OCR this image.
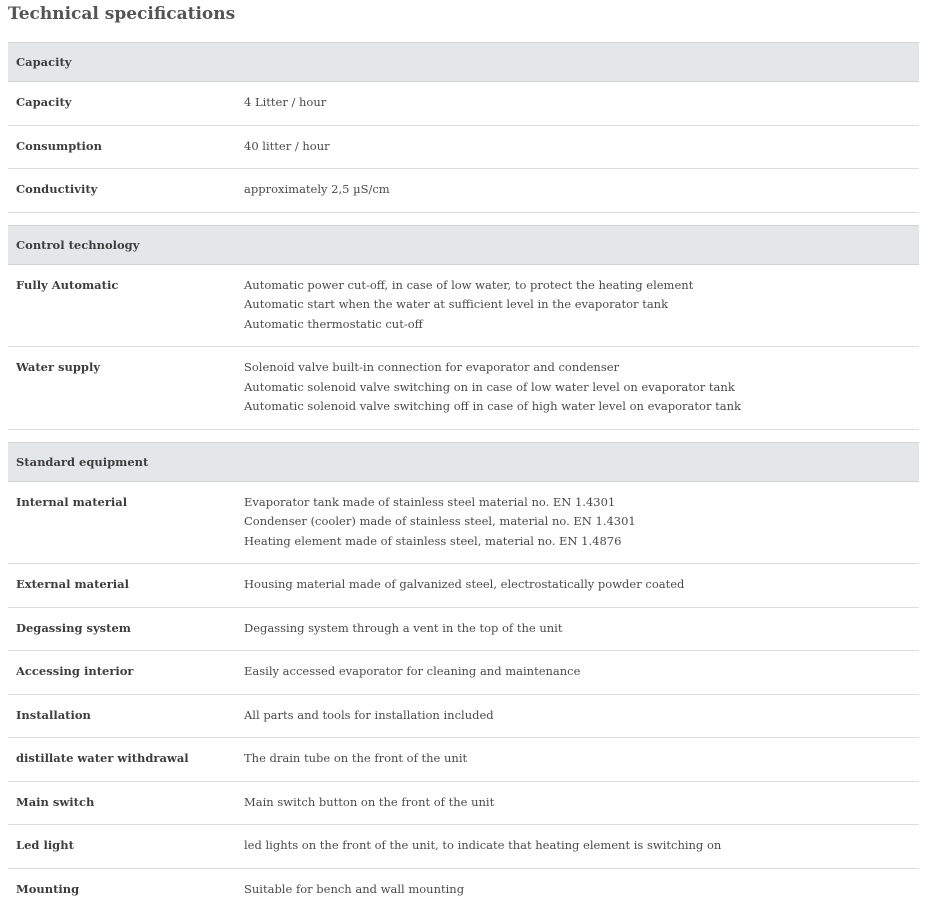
Technical specifications
Capacity	
Capacity	4 Litter / hour

Consumption	40 litter / hour

Conductivity	approximately 2,5 µS/cm

Control technology	
Fully Automatic	Automatic power cut-off, in case of low water, to protect the heating element
Automatic start when the water at sufficient level in the evaporator tank
Automatic thermostatic cut-off

Water supply	Solenoid valve built-in connection for evaporator and condenser
Automatic solenoid valve switching on in case of low water level on evaporator tank
Automatic solenoid valve switching off in case of high water level on evaporator tank

Standard equipment	
Internal material	Evaporator tank made of stainless steel material no. EN 1.4301
Condenser (cooler) made of stainless steel, material no. EN 1.4301
Heating element made of stainless steel, material no. EN 1.4876

External material	Housing material made of galvanized steel, electrostatically powder coated

Degassing system	Degassing system through a vent in the top of the unit

Accessing interior	Easily accessed evaporator for cleaning and maintenance

Installation	All parts and tools for installation included

distillate water withdrawal	The drain tube on the front of the unit

Main switch	Main switch button on the front of the unit

Led light	led lights on the front of the unit, to indicate that heating element is switching on

Mounting	Suitable for bench and wall mounting
